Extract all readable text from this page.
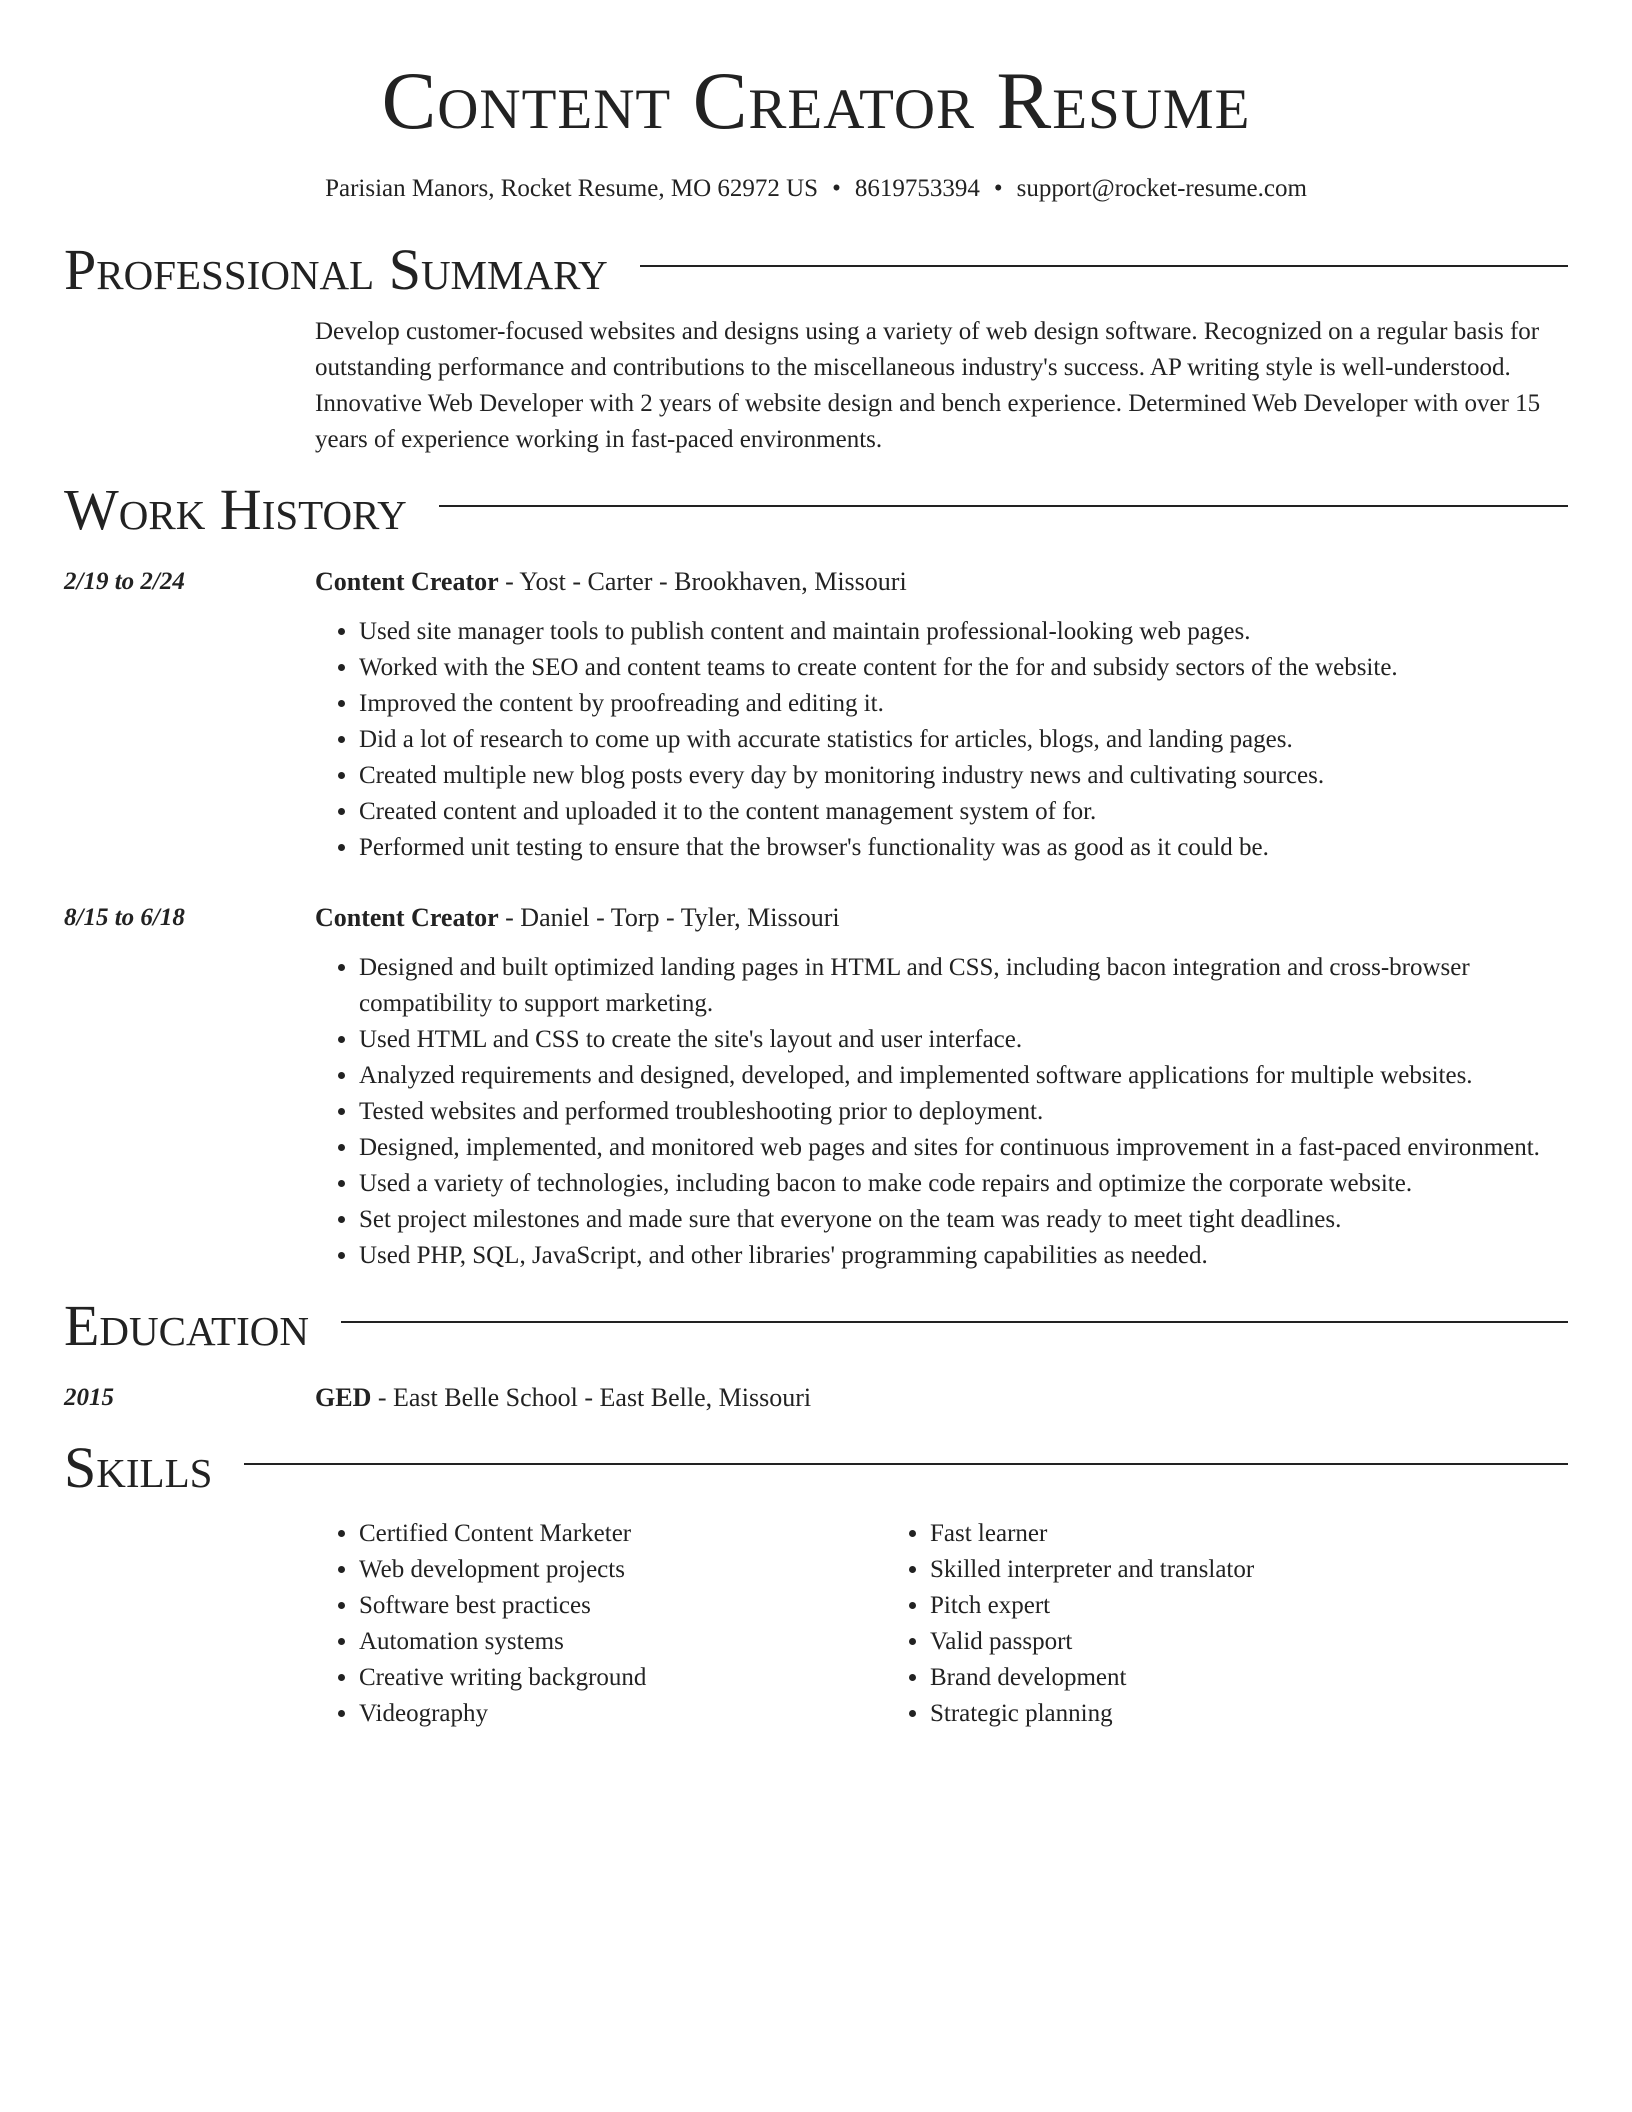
Content Creator Resume
Parisian Manors, Rocket Resume, MO 62972 US • 8619753394 • support@rocket-resume.com
Professional Summary

Develop customer-focused websites and designs using a variety of web design software. Recognized on a regular basis for outstanding performance and contributions to the miscellaneous industry's success. AP writing style is well-understood. Innovative Web Developer with 2 years of website design and bench experience. Determined Web Developer with over 15 years of experience working in fast-paced environments.

Work History
2/19 to 2/24	Content Creator - Yost - Carter - Brookhaven, Missouri
• Used site manager tools to publish content and maintain professional-looking web pages.
• Worked with the SEO and content teams to create content for the for and subsidy sectors of the website.
• Improved the content by proofreading and editing it.
• Did a lot of research to come up with accurate statistics for articles, blogs, and landing pages.
• Created multiple new blog posts every day by monitoring industry news and cultivating sources.
• Created content and uploaded it to the content management system of for.
• Performed unit testing to ensure that the browser's functionality was as good as it could be.
8/15 to 6/18	Content Creator - Daniel - Torp - Tyler, Missouri
• Designed and built optimized landing pages in HTML and CSS, including bacon integration and cross-browser compatibility to support marketing.
• Used HTML and CSS to create the site's layout and user interface.
• Analyzed requirements and designed, developed, and implemented software applications for multiple websites.
• Tested websites and performed troubleshooting prior to deployment.
• Designed, implemented, and monitored web pages and sites for continuous improvement in a fast-paced environment.
• Used a variety of technologies, including bacon to make code repairs and optimize the corporate website.
• Set project milestones and made sure that everyone on the team was ready to meet tight deadlines.
• Used PHP, SQL, JavaScript, and other libraries' programming capabilities as needed.
Education
2015	GED - East Belle School - East Belle, Missouri
Skills
• Certified Content Marketer
• Web development projects
• Software best practices
• Automation systems
• Creative writing background
• Videography
• Fast learner
• Skilled interpreter and translator
• Pitch expert
• Valid passport
• Brand development
• Strategic planning
